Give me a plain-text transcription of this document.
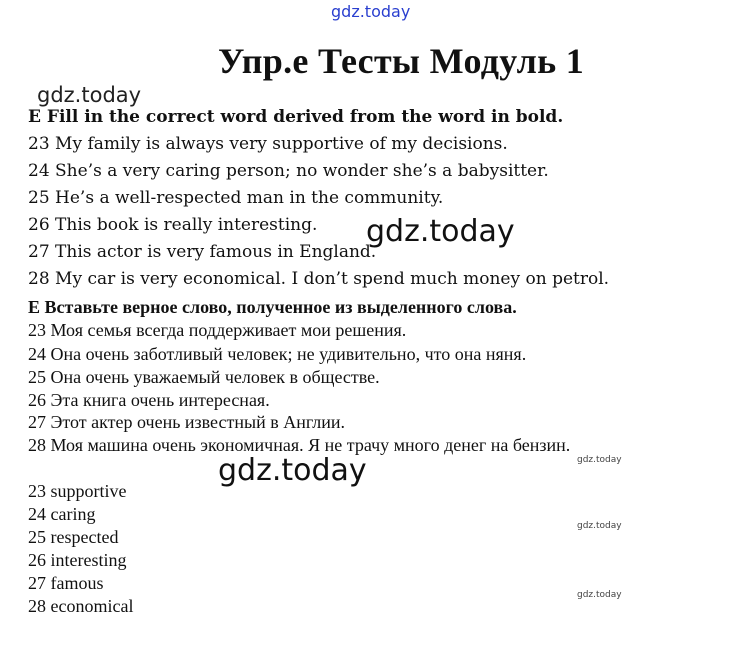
gdz.today
Упр.е Тесты Модуль 1
gdz.today
E Fill in the correct word derived from the word in bold.
23 My family is always very supportive of my decisions.
24 She’s a very caring person; no wonder she’s a babysitter.
25 He’s a well-respected man in the community.
26 This book is really interesting.
27 This actor is very famous in England.
28 My car is very economical. I don’t spend much money on petrol.
gdz.today
Е Вставьте верное слово, полученное из выделенного слова.
23 Моя семья всегда поддерживает мои решения.
24 Она очень заботливый человек; не удивительно, что она няня.
25 Она очень уважаемый человек в обществе.
26 Эта книга очень интересная.
27 Этот актер очень известный в Англии.
28 Моя машина очень экономичная. Я не трачу много денег на бензин.
gdz.today	gdz.today
gdz.today
gdz.today
23 supportive
24 caring
25 respected
26 interesting
27 famous
28 economical
